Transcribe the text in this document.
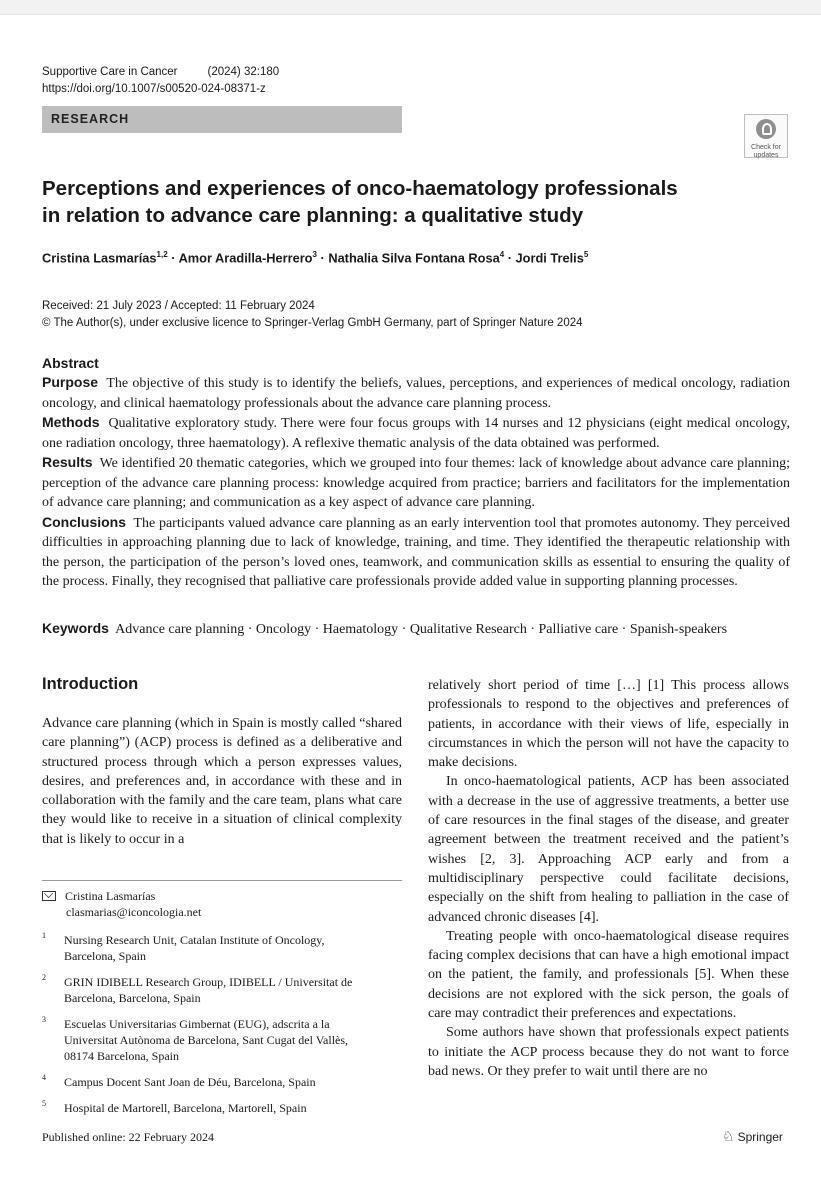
Supportive Care in Cancer	(2024) 32:180
https://doi.org/10.1007/s00520-024-08371-z
RESEARCH
Check for
updates
Perceptions and experiences of onco-haematology professionals
in relation to advance care planning: a qualitative study
Cristina Lasmarías$^{1,2}$ · Amor Aradilla-Herrero$^3$ · Nathalia Silva Fontana Rosa$^4$ · Jordi Trelis$^5$
Received: 21 July 2023 / Accepted: 11 February 2024
© The Author(s), under exclusive licence to Springer-Verlag GmbH Germany, part of Springer Nature 2024
Abstract

Purpose The objective of this study is to identify the beliefs, values, perceptions, and experiences of medical oncology, radiation oncology, and clinical haematology professionals about the advance care planning process.

Methods Qualitative exploratory study. There were four focus groups with 14 nurses and 12 physicians (eight medical oncology, one radiation oncology, three haematology). A reflexive thematic analysis of the data obtained was performed.

Results We identified 20 thematic categories, which we grouped into four themes: lack of knowledge about advance care planning; perception of the advance care planning process: knowledge acquired from practice; barriers and facilitators for the implementation of advance care planning; and communication as a key aspect of advance care planning.

Conclusions The participants valued advance care planning as an early intervention tool that promotes autonomy. They perceived difficulties in approaching planning due to lack of knowledge, training, and time. They identified the therapeutic relationship with the person, the participation of the person’s loved ones, teamwork, and communication skills as essential to ensuring the quality of the process. Finally, they recognised that palliative care professionals provide added value in supporting planning processes.

Keywords Advance care planning · Oncology · Haematology · Qualitative Research · Palliative care · Spanish-speakers
Introduction

Advance care planning (which in Spain is mostly called “shared care planning”) (ACP) process is defined as a deliberative and structured process through which a person expresses values, desires, and preferences and, in accordance with these and in collaboration with the family and the care team, plans what care they would like to receive in a situation of clinical complexity that is likely to occur in a

relatively short period of time […] [1] This process allows professionals to respond to the objectives and preferences of patients, in accordance with their views of life, especially in circumstances in which the person will not have the capacity to make decisions.

In onco-haematological patients, ACP has been associated with a decrease in the use of aggressive treatments, a better use of care resources in the final stages of the disease, and greater agreement between the treatment received and the patient’s wishes [2, 3]. Approaching ACP early and from a multidisciplinary perspective could facilitate decisions, especially on the shift from healing to palliation in the case of advanced chronic diseases [4].

Treating people with onco-haematological disease requires facing complex decisions that can have a high emotional impact on the patient, the family, and professionals [5]. When these decisions are not explored with the sick person, the goals of care may contradict their preferences and expectations.

Some authors have shown that professionals expect patients to initiate the ACP process because they do not want to force bad news. Or they prefer to wait until there are no

Cristina Lasmarías
clasmarias@iconcologia.net
1 Nursing Research Unit, Catalan Institute of Oncology, Barcelona, Spain
2 GRIN IDIBELL Research Group, IDIBELL / Universitat de Barcelona, Barcelona, Spain
3 Escuelas Universitarias Gimbernat (EUG), adscrita a la Universitat Autònoma de Barcelona, Sant Cugat del Vallès, 08174 Barcelona, Spain
4 Campus Docent Sant Joan de Déu, Barcelona, Spain
5 Hospital de Martorell, Barcelona, Martorell, Spain
Published online: 22 February 2024	♘ Springer
